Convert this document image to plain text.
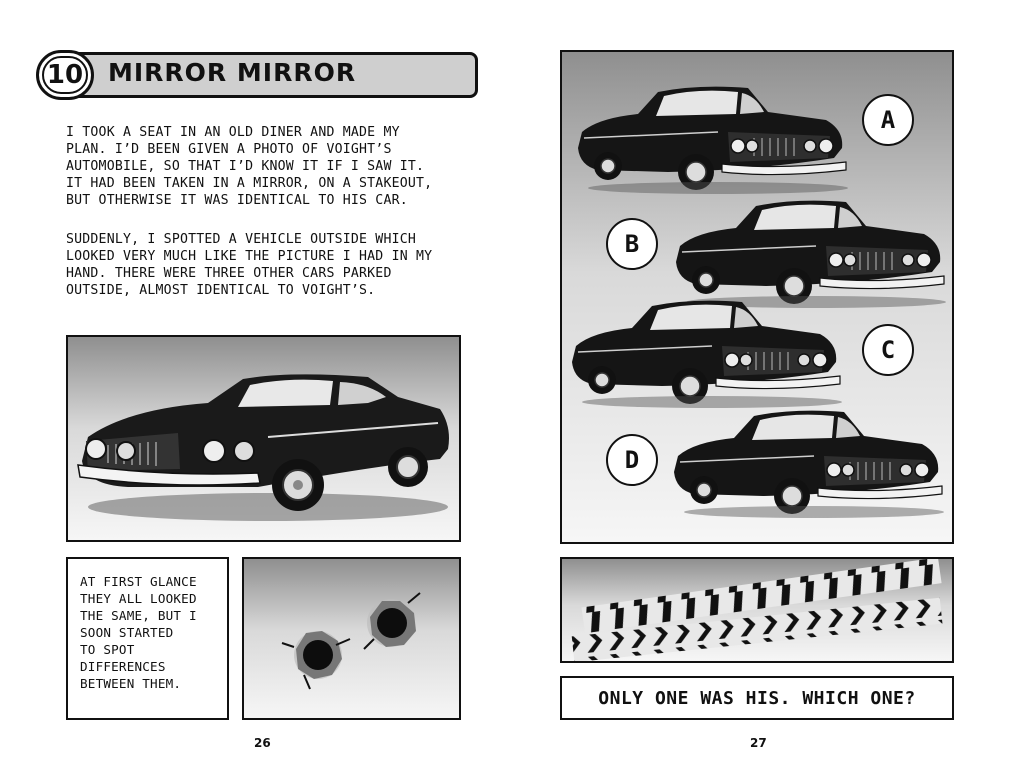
10 MIRROR MIRROR
I TOOK A SEAT IN AN OLD DINER AND MADE MY
PLAN. I’D BEEN GIVEN A PHOTO OF VOIGHT’S
AUTOMOBILE, SO THAT I’D KNOW IT IF I SAW IT.
IT HAD BEEN TAKEN IN A MIRROR, ON A STAKEOUT,
BUT OTHERWISE IT WAS IDENTICAL TO HIS CAR.
SUDDENLY, I SPOTTED A VEHICLE OUTSIDE WHICH
LOOKED VERY MUCH LIKE THE PICTURE I HAD IN MY
HAND. THERE WERE THREE OTHER CARS PARKED
OUTSIDE, ALMOST IDENTICAL TO VOIGHT’S.
AT FIRST GLANCE
THEY ALL LOOKED
THE SAME, BUT I
SOON STARTED
TO SPOT
DIFFERENCES
BETWEEN THEM.
26
A
B
C
D
ONLY ONE WAS HIS. WHICH ONE?
27
